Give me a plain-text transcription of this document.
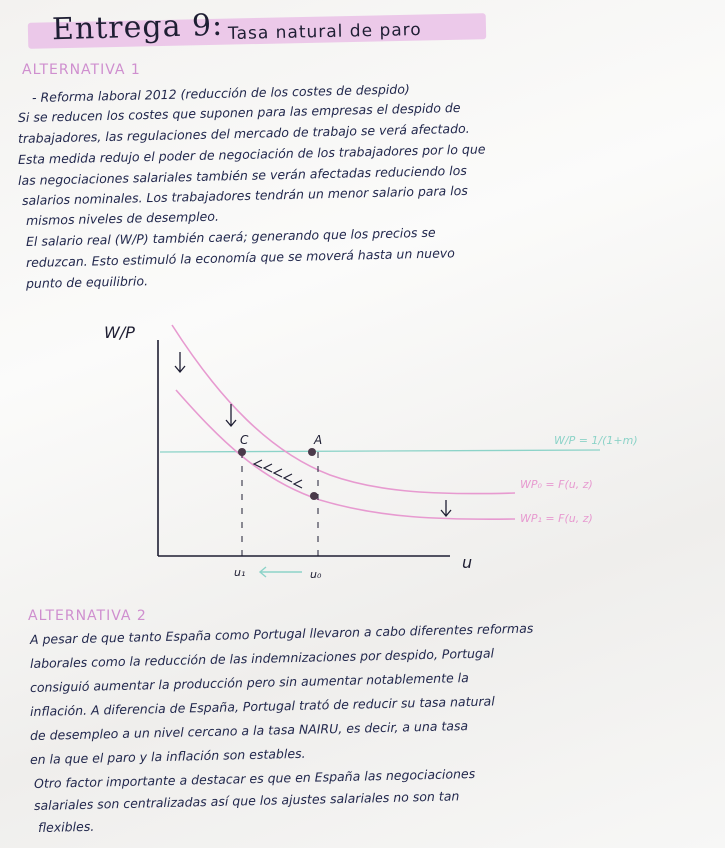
Entrega 9: Tasa natural de paro
ALTERNATIVA 1
- Reforma laboral 2012 (reducción de los costes de despido)
Si se reducen los costes que suponen para las empresas el despido de
trabajadores, las regulaciones del mercado de trabajo se verá afectado.
Esta medida redujo el poder de negociación de los trabajadores por lo que
las negociaciones salariales también se verán afectadas reduciendo los
salarios nominales. Los trabajadores tendrán un menor salario para los
mismos niveles de desempleo.
El salario real (W/P) también caerá; generando que los precios se
reduzcan. Esto estimuló la economía que se moverá hasta un nuevo
punto de equilibrio.
W/P
u
C	A
u₁	u₀
W/P = 1/(1+m)
WP₀ = F(u, z)
WP₁ = F(u, z)
ALTERNATIVA 2
A pesar de que tanto España como Portugal llevaron a cabo diferentes reformas
laborales como la reducción de las indemnizaciones por despido, Portugal
consiguió aumentar la producción pero sin aumentar notablemente la
inflación. A diferencia de España, Portugal trató de reducir su tasa natural
de desempleo a un nivel cercano a la tasa NAIRU, es decir, a una tasa
en la que el paro y la inflación son estables.
Otro factor importante a destacar es que en España las negociaciones
salariales son centralizadas así que los ajustes salariales no son tan
flexibles.
